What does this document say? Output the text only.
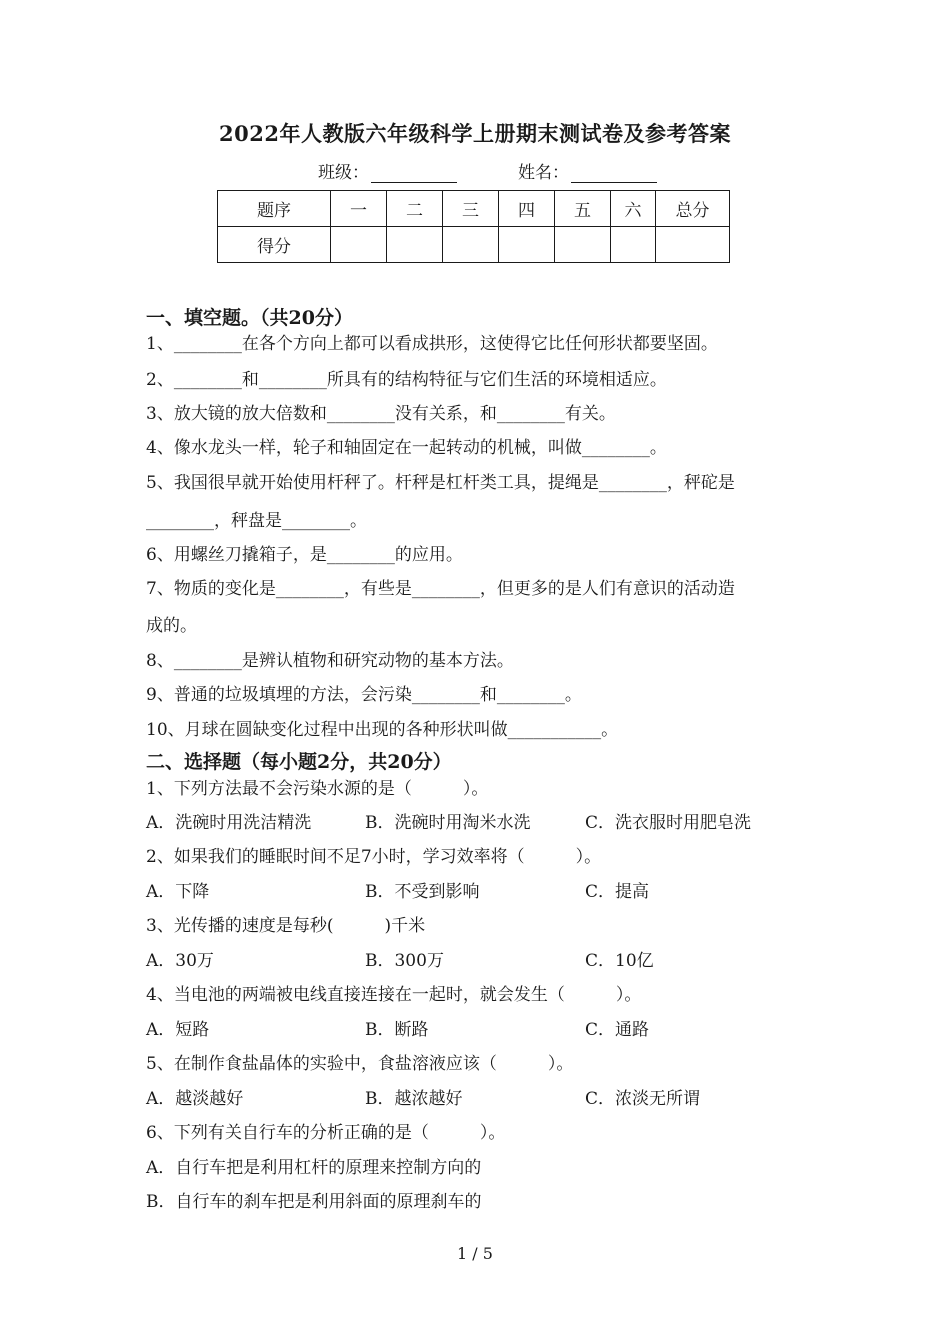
2022年人教版六年级科学上册期末测试卷及参考答案
班级：	姓名：
题序	一	二	三	四	五	六	总分
得分							
一、填空题。（共20分）
1、________在各个方向上都可以看成拱形，这使得它比任何形状都要坚固。
2、________和________所具有的结构特征与它们生活的环境相适应。
3、放大镜的放大倍数和________没有关系，和________有关。
4、像水龙头一样，轮子和轴固定在一起转动的机械，叫做________。
5、我国很早就开始使用杆秤了。杆秤是杠杆类工具，提绳是________，秤砣是
________，秤盘是________。
6、用螺丝刀撬箱子，是________的应用。
7、物质的变化是________，有些是________，但更多的是人们有意识的活动造
成的。
8、________是辨认植物和研究动物的基本方法。
9、普通的垃圾填埋的方法，会污染________和________。
10、月球在圆缺变化过程中出现的各种形状叫做___________。
二、选择题（每小题2分，共20分）
1、下列方法最不会污染水源的是（　　　）。
A．洗碗时用洗洁精洗	B．洗碗时用淘米水洗	C．洗衣服时用肥皂洗
2、如果我们的睡眠时间不足7小时，学习效率将（　　　）。
A．下降	B．不受到影响	C．提高
3、光传播的速度是每秒(　　　)千米
A．30万	B．300万	C．10亿
4、当电池的两端被电线直接连接在一起时，就会发生（　　　）。
A．短路	B．断路	C．通路
5、在制作食盐晶体的实验中，食盐溶液应该（　　　）。
A．越淡越好	B．越浓越好	C．浓淡无所谓
6、下列有关自行车的分析正确的是（　　　）。
A．自行车把是利用杠杆的原理来控制方向的
B．自行车的刹车把是利用斜面的原理刹车的
1 / 5
